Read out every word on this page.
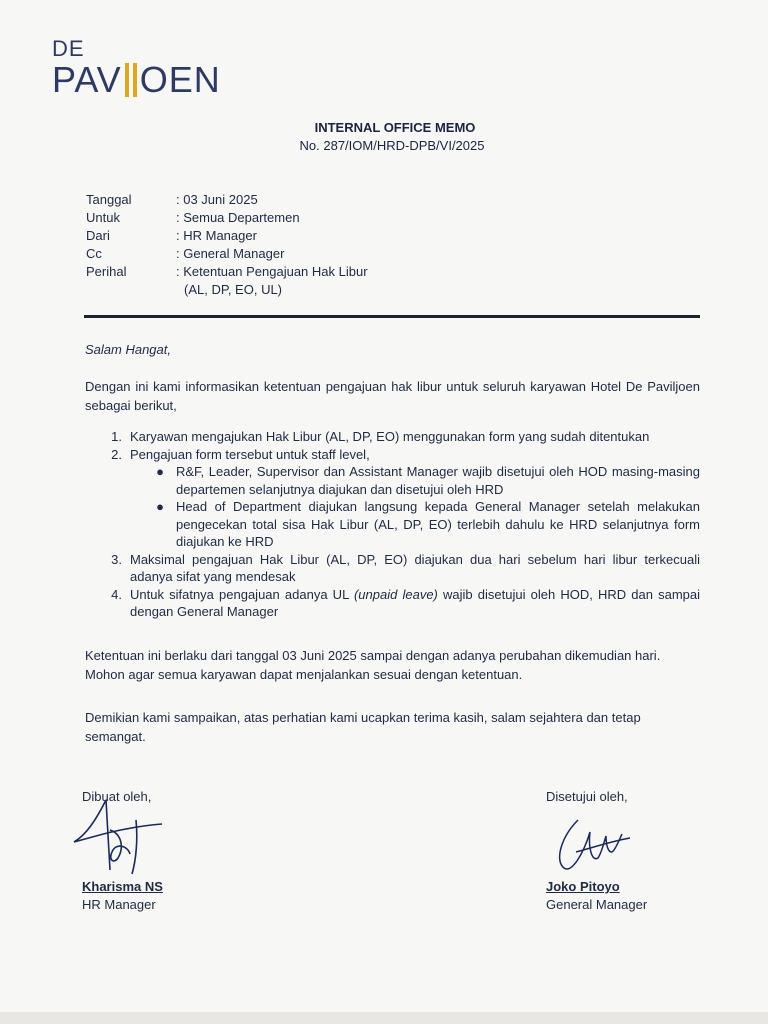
DE
PAV OEN
INTERNAL OFFICE MEMO
No. 287/IOM/HRD-DPB/VI/2025
Tanggal	: 03 Juni 2025
Untuk	: Semua Departemen
Dari	: HR Manager
Cc	: General Manager
Perihal	: Ketentuan Pengajuan Hak Libur
(AL, DP, EO, UL)
Salam Hangat,
Dengan ini kami informasikan ketentuan pengajuan hak libur untuk seluruh karyawan Hotel De Paviljoen sebagai berikut,
1. Karyawan mengajukan Hak Libur (AL, DP, EO) menggunakan form yang sudah ditentukan
2. Pengajuan form tersebut untuk staff level,
● R&F, Leader, Supervisor dan Assistant Manager wajib disetujui oleh HOD masing-masing departemen selanjutnya diajukan dan disetujui oleh HRD
● Head of Department diajukan langsung kepada General Manager setelah melakukan pengecekan total sisa Hak Libur (AL, DP, EO) terlebih dahulu ke HRD selanjutnya form diajukan ke HRD
3. Maksimal pengajuan Hak Libur (AL, DP, EO) diajukan dua hari sebelum hari libur terkecuali adanya sifat yang mendesak
4. Untuk sifatnya pengajuan adanya UL (unpaid leave) wajib disetujui oleh HOD, HRD dan sampai dengan General Manager
Ketentuan ini berlaku dari tanggal 03 Juni 2025 sampai dengan adanya perubahan dikemudian hari. Mohon agar semua karyawan dapat menjalankan sesuai dengan ketentuan.
Demikian kami sampaikan, atas perhatian kami ucapkan terima kasih, salam sejahtera dan tetap semangat.
Dibuat oleh,
Kharisma NS
HR Manager
Disetujui oleh,
Joko Pitoyo
General Manager
